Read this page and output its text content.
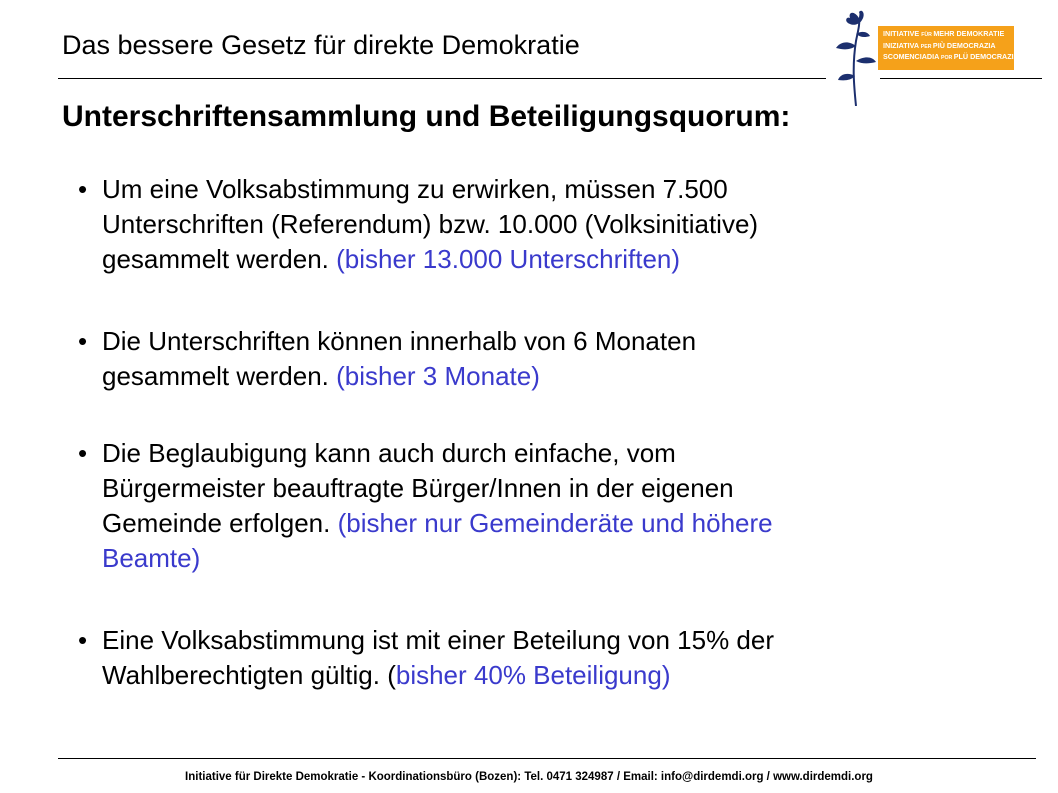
Das bessere Gesetz für direkte Demokratie	INITIATIVE FÜR MEHR DEMOKRATIE
INIZIATIVA PER PIÙ DEMOCRAZIA
SCOMENCIADIA POR PLÜ DEMOCRAZIA
Unterschriftensammlung und Beteiligungsquorum:
• Um eine Volksabstimmung zu erwirken, müssen 7.500
Unterschriften (Referendum) bzw. 10.000 (Volksinitiative)
gesammelt werden. (bisher 13.000 Unterschriften)
• Die Unterschriften können innerhalb von 6 Monaten
gesammelt werden. (bisher 3 Monate)
• Die Beglaubigung kann auch durch einfache, vom
Bürgermeister beauftragte Bürger/Innen in der eigenen
Gemeinde erfolgen. (bisher nur Gemeinderäte und höhere
Beamte)
• Eine Volksabstimmung ist mit einer Beteilung von 15% der
Wahlberechtigten gültig. (bisher 40% Beteiligung)
Initiative für Direkte Demokratie - Koordinationsbüro (Bozen): Tel. 0471 324987 / Email: info@dirdemdi.org / www.dirdemdi.org
